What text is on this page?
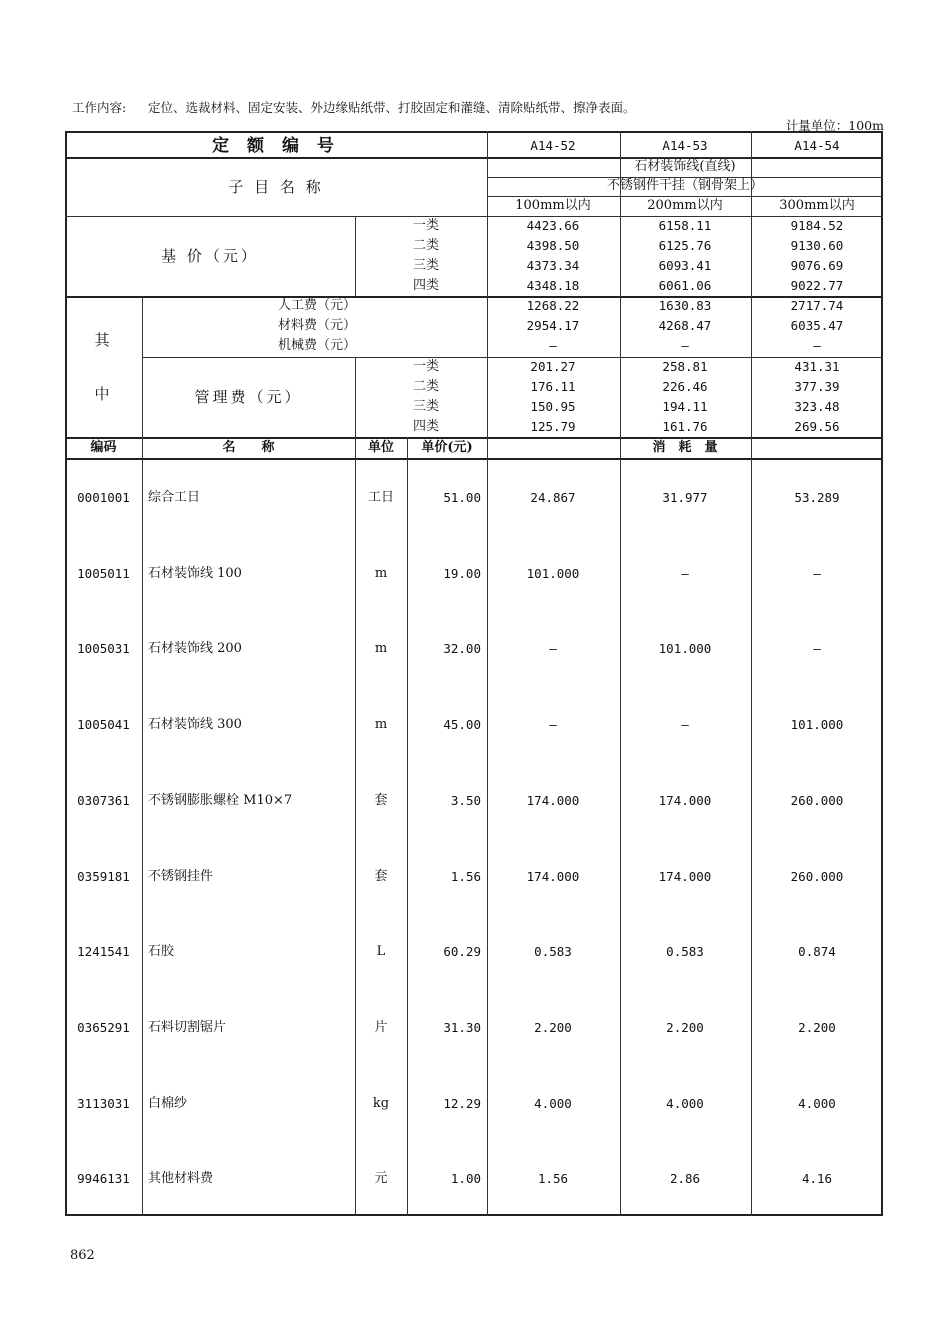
工作内容: 定位、选裁材料、固定安装、外边缘贴纸带、打胶固定和灌缝、清除贴纸带、擦净表面。
计量单位：100m
定 额 编 号	A14-52	A14-53	A14-54
子 目 名 称
石材装饰线(直线)
不锈钢件干挂（钢骨架上）
100mm以内	200mm以内	300mm以内
基 价（元）
一类	4423.66	6158.11	9184.52
二类	4398.50	6125.76	9130.60
三类	4373.34	6093.41	9076.69
四类	4348.18	6061.06	9022.77
其
中
人工费（元）	1268.22	1630.83	2717.74
材料费（元）	2954.17	4268.47	6035.47
机械费（元）	–	–	–
管理费（元）
一类	201.27	258.81	431.31
二类	176.11	226.46	377.39
三类	150.95	194.11	323.48
四类	125.79	161.76	269.56
编码	名　　称	单位	单价(元)	消　耗　量
0001001	综合工日	工日	51.00	24.867	31.977	53.289
1005011	石材装饰线 100	m	19.00	101.000	–	–
1005031	石材装饰线 200	m	32.00	–	101.000	–
1005041	石材装饰线 300	m	45.00	–	–	101.000
0307361	不锈钢膨胀螺栓 M10×7	套	3.50	174.000	174.000	260.000
0359181	不锈钢挂件	套	1.56	174.000	174.000	260.000
1241541	石胶	L	60.29	0.583	0.583	0.874
0365291	石料切割锯片	片	31.30	2.200	2.200	2.200
3113031	白棉纱	kg	12.29	4.000	4.000	4.000
9946131	其他材料费	元	1.00	1.56	2.86	4.16
862
